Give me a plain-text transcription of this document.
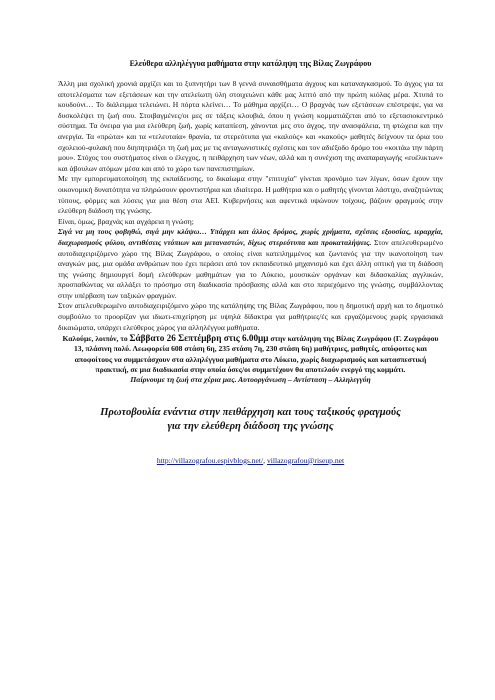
Ελεύθερα αλληλέγγυα μαθήματα στην κατάληψη της Βίλας Ζωγράφου

Άλλη μια σχολική χρονιά αρχίζει και το ξυπνητήρι των 8 γεννά συναισθήματα άγχους και καταναγκασμού. Το άγχος για τα αποτελέσματα των εξετάσεων και την ατελείωτη ύλη στοιχειώνει κάθε μας λεπτό από την πρώτη κιόλας μέρα. Χτυπά το κουδούνι… Το διάλειμμα τελειώνει. Η πόρτα κλείνει… Το μάθημα αρχίζει… Ο βραχνάς των εξετάσεων επέστρεψε, για να δυσκολέψει τη ζωή σου. Στοιβαγμένες/οι μες σε τάξεις κλουβιά, όπου η γνώση κομματιάζεται από το εξετασιοκεντρικό σύστημα. Τα όνειρα για μια ελεύθερη ζωή, χωρίς καταπίεση, χάνονται μες στο άγχος, την ανασφάλεια, τη φτώχεια και την ανεργία. Τα «πρώτα» και τα «τελευταία» θρανία, τα στερεότυπα για «καλούς» και «κακούς» μαθητές δείχνουν τα όρια του σχολειού-φυλακή που διηπητριάζει τη ζωή μας με τις ανταγωνιστικές σχέσεις και τον αδιέξοδο δρόμο του «κοιτάω την πάρτη μου». Στόχος του συστήματος είναι ο έλεγχος, η πειθάρχηση των νέων, αλλά και η συνέχιση της αναπαραγωγής «ευέλικτων» και άβουλων ατόμων μέσα και από το χώρο των πανεπιστημίων.

Με την εμπορευματοποίηση της εκπαίδευσης, το δικαίωμα στην "επιτυχία" γίνεται προνόμιο των λίγων, όσων έχουν την οικονομική δυνατότητα να πληρώσουν φροντιστήρια και ιδιαίτερα. Η μαθήτρια και ο μαθητής γίνονται λάστιχο, αναζητώντας τύπους, φόρμες και λύσεις για μια θέση στα ΑΕΙ. Κυβερνήσεις και αφεντικά υψώνουν τοίχους, βάζουν φραγμούς στην ελεύθερη διάδοση της γνώσης.

Είναι, όμως, βραχνάς και αγχάρεια η γνώση;

Σιγά να μη τους φοβηθώ, σιγά μην κλάψω… Υπάρχει και άλλος δρόμος, χωρίς χρήματα, σχέσεις εξουσίας, ιεραρχία, διαχωρισμούς φύλου, αντιθέσεις ντόπιων και μεταναστών, δίχως στερεότυπα και προκαταλήψεις. Στον απελευθερωμένο αυτοδιαχειριζόμενο χώρο της Βίλας Ζωγράφου, ο οποίος είναι κατειλημμένος και ζωντανός για την ικανοποίηση των αναγκών μας, μια ομάδα ανθρώπων που έχει περάσει από τον εκπαιδευτικό μηχανισμό και έχει άλλη οπτική για τη διάδοση της γνώσης δημιουργεί δομή ελεύθερων μαθημάτων για το Λύκειο, μουσικών οργάνων και διδασκαλίας αγγλικών, προσπαθώντας να αλλάξει το πρόσημο στη διαδικασία πρόσβασης αλλά και στο περιεχόμενο της γνώσης, συμβάλλοντας στην υπέρβαση των ταξικών φραγμών.

Στον απελευθερωμένο αυτοδιαχειριζόμενο χώρο της κατάληψης της Βίλας Ζωγράφου, που η δημοτική αρχή και το δημοτικό συμβούλιο το προορίζαν για ιδιωτι-επιχείρηση με υψηλά δίδακτρα για μαθήτριες/ές και εργαζόμενους χωρίς εργασιακά δικαιώματα, υπάρχει ελεύθερος χώρος για αλληλέγγυα μαθήματα.

Καλούμε, λοιπόν, το Σάββατο 26 Σεπτέμβρη στις 6.00μμ στην κατάληψη της Βίλας Ζωγράφου (Γ. Ζωγράφου 13, πλάσινη πολύ. Λεωφορεία 608 στάση 6η, 235 στάση 7η, 230 στάση 6η) μαθήτριες, μαθητές, απόφοιτες και αποφοίτους να συμμετάσχουν στα αλληλέγγυα μαθήματα στο Λύκειο, χωρίς διαχωρισμούς και κατασπεστική πρακτική, σε μια διαδικασία στην οποία όσες/οι συμμετέχουν θα αποτελούν ενεργό της κομμάτι.

Παίρνουμε τη ζωή στα χέρια μας. Αυτοοργάνωση – Αντίσταση – Αλληλεγγύη

Πρωτοβουλία ενάντια στην πειθάρχηση και τους ταξικούς φραγμούς
για την ελεύθερη διάδοση της γνώσης

http://villazografou.espivblogs.net/, villazografou@riseup.net
